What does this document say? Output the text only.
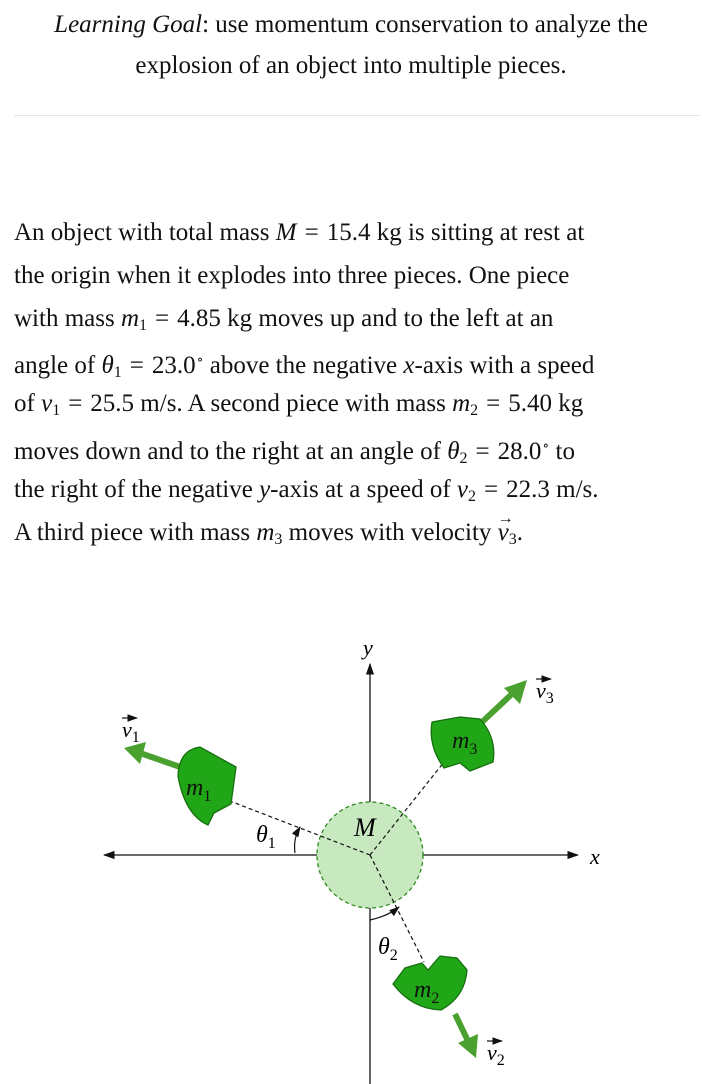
Learning Goal: use momentum conservation to analyze the
explosion of an object into multiple pieces.
An object with total mass M = 15.4 kg is sitting at rest at
the origin when it explodes into three pieces. One piece
with mass $m_1 = 4.85$ kg moves up and to the left at an
angle of $\theta_1 = 23.0^\circ$ above the negative x-axis with a speed
of $v_1 = 25.5$ m/s. A second piece with mass $m_2 = 5.40$ kg
moves down and to the right at an angle of $\theta_2 = 28.0^\circ$ to
the right of the negative y-axis at a speed of $v_2 = 22.3$ m/s.
A third piece with mass $m_3$ moves with velocity → $v_3$.
y
x
M
$\theta_1$
$\theta_2$
$v_1$
$v_2$
$v_3$
$m_1$
$m_2$
$m_3$
